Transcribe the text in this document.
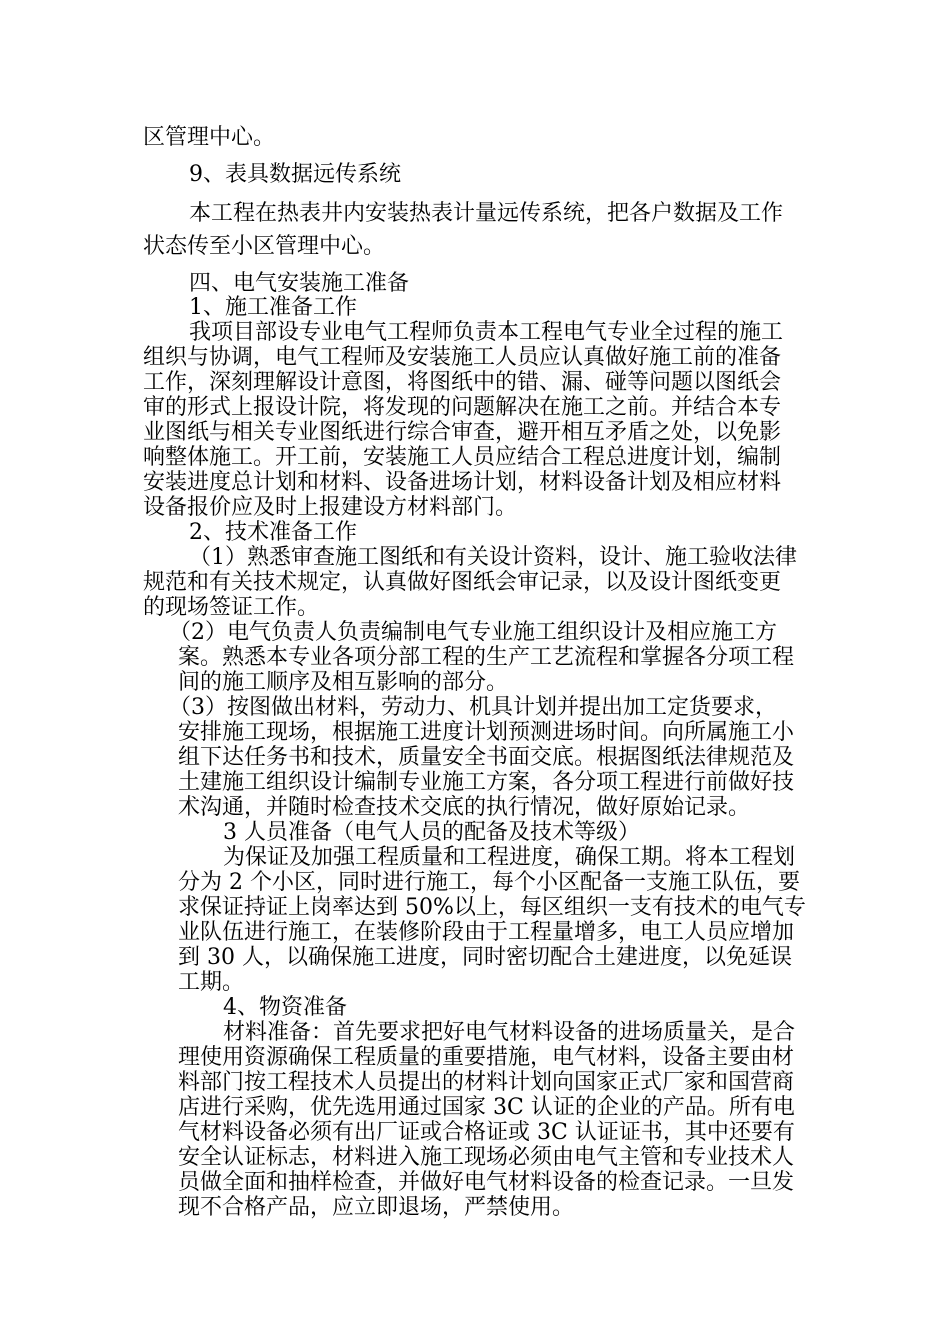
区管理中心。
9、表具数据远传系统
本工程在热表井内安装热表计量远传系统，把各户数据及工作
状态传至小区管理中心。
四、电气安装施工准备
1、施工准备工作
我项目部设专业电气工程师负责本工程电气专业全过程的施工
组织与协调，电气工程师及安装施工人员应认真做好施工前的准备
工作，深刻理解设计意图，将图纸中的错、漏、碰等问题以图纸会
审的形式上报设计院，将发现的问题解决在施工之前。并结合本专
业图纸与相关专业图纸进行综合审查，避开相互矛盾之处，以免影
响整体施工。开工前，安装施工人员应结合工程总进度计划，编制
安装进度总计划和材料、设备进场计划，材料设备计划及相应材料
设备报价应及时上报建设方材料部门。
2、技术准备工作
（1）熟悉审查施工图纸和有关设计资料，设计、施工验收法律
规范和有关技术规定，认真做好图纸会审记录，以及设计图纸变更
的现场签证工作。
（2）电气负责人负责编制电气专业施工组织设计及相应施工方
案。熟悉本专业各项分部工程的生产工艺流程和掌握各分项工程
间的施工顺序及相互影响的部分。
（3）按图做出材料，劳动力、机具计划并提出加工定货要求，
安排施工现场，根据施工进度计划预测进场时间。向所属施工小
组下达任务书和技术，质量安全书面交底。根据图纸法律规范及
土建施工组织设计编制专业施工方案，各分项工程进行前做好技
术沟通，并随时检查技术交底的执行情况，做好原始记录。
3 人员准备（电气人员的配备及技术等级）
为保证及加强工程质量和工程进度，确保工期。将本工程划
分为 2 个小区，同时进行施工，每个小区配备一支施工队伍，要
求保证持证上岗率达到 50%以上，每区组织一支有技术的电气专
业队伍进行施工，在装修阶段由于工程量增多，电工人员应增加
到 30 人，以确保施工进度，同时密切配合土建进度，以免延误
工期。
4、物资准备
材料准备：首先要求把好电气材料设备的进场质量关，是合
理使用资源确保工程质量的重要措施，电气材料，设备主要由材
料部门按工程技术人员提出的材料计划向国家正式厂家和国营商
店进行采购，优先选用通过国家 3C 认证的企业的产品。所有电
气材料设备必须有出厂证或合格证或 3C 认证证书，其中还要有
安全认证标志，材料进入施工现场必须由电气主管和专业技术人
员做全面和抽样检查，并做好电气材料设备的检查记录。一旦发
现不合格产品，应立即退场，严禁使用。
